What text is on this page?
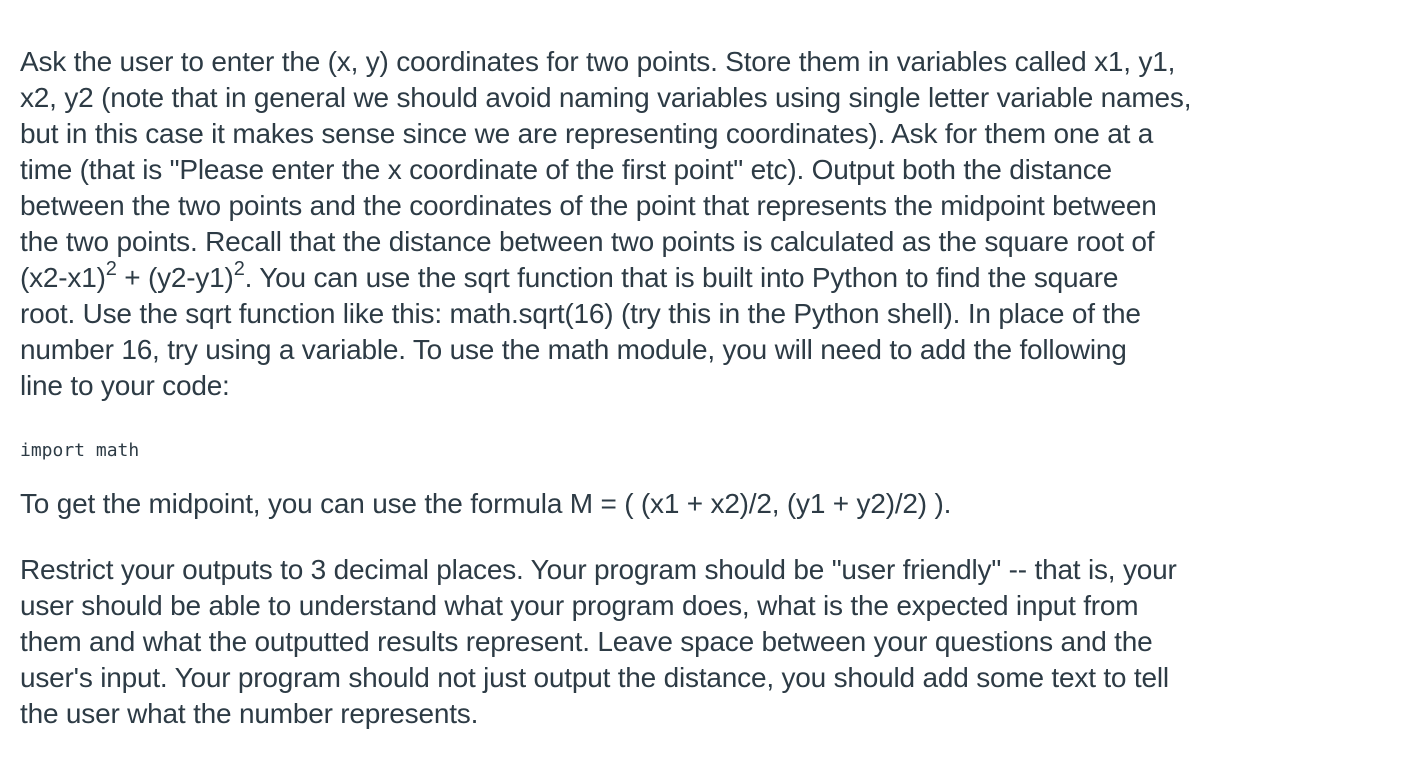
Ask the user to enter the (x, y) coordinates for two points. Store them in variables called x1, y1,
x2, y2 (note that in general we should avoid naming variables using single letter variable names,
but in this case it makes sense since we are representing coordinates). Ask for them one at a
time (that is "Please enter the x coordinate of the first point" etc). Output both the distance
between the two points and the coordinates of the point that represents the midpoint between
the two points. Recall that the distance between two points is calculated as the square root of
$(x2-x1)^2 + (y2-y1)^2$. You can use the sqrt function that is built into Python to find the square
root. Use the sqrt function like this: math.sqrt(16) (try this in the Python shell). In place of the
number 16, try using a variable. To use the math module, you will need to add the following
line to your code:

import math

To get the midpoint, you can use the formula M = ( (x1 + x2)/2, (y1 + y2)/2) ).

Restrict your outputs to 3 decimal places. Your program should be "user friendly" -- that is, your
user should be able to understand what your program does, what is the expected input from
them and what the outputted results represent. Leave space between your questions and the
user's input. Your program should not just output the distance, you should add some text to tell
the user what the number represents.
